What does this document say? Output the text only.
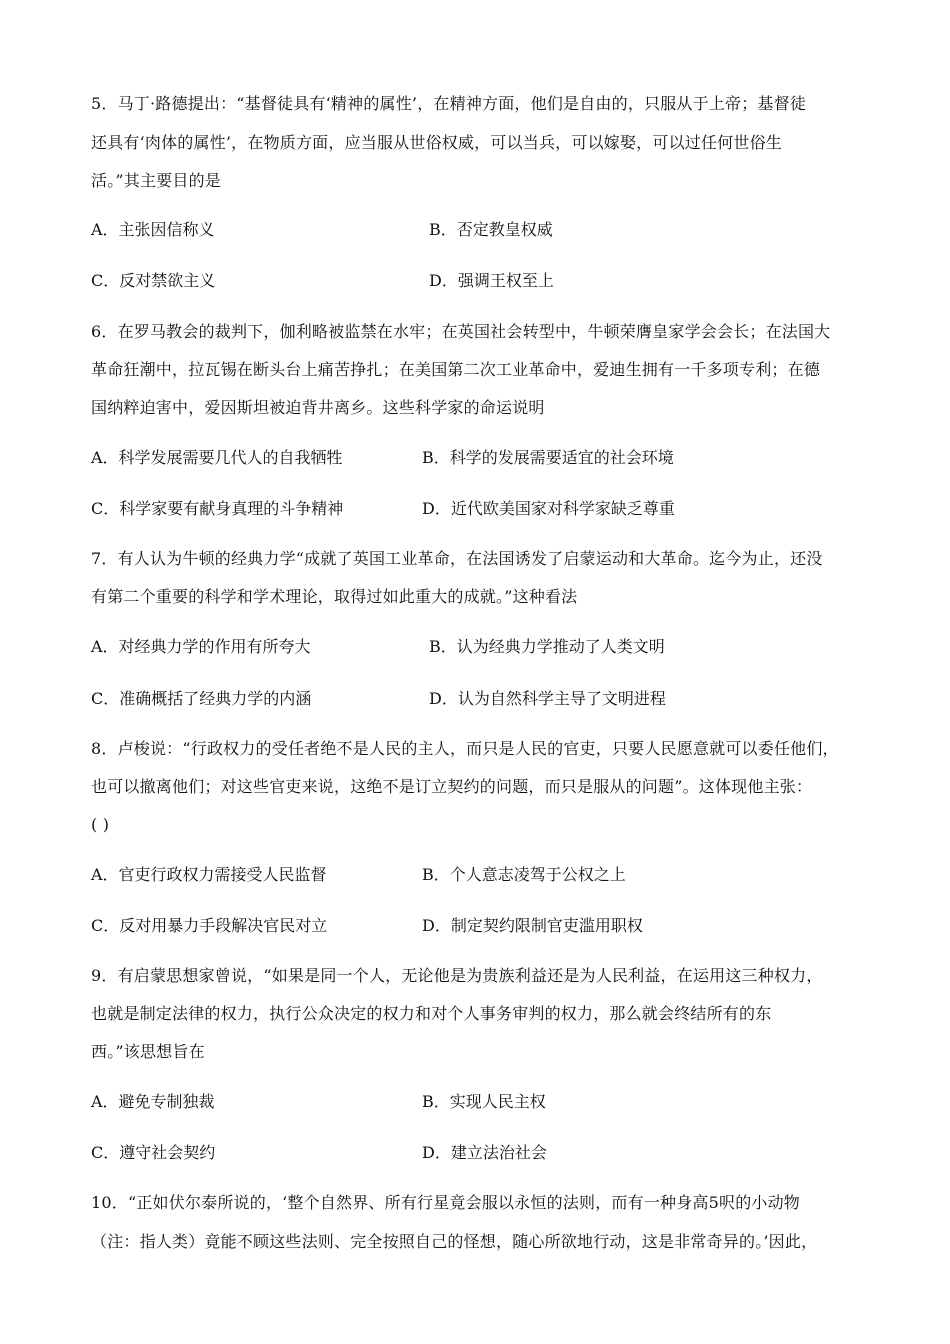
5．马丁·路德提出：“基督徒具有‘精神的属性’，在精神方面，他们是自由的，只服从于上帝；基督徒
还具有‘肉体的属性’，在物质方面，应当服从世俗权威，可以当兵，可以嫁娶，可以过任何世俗生
活。”其主要目的是
A．主张因信称义	B．否定教皇权威
C．反对禁欲主义	D．强调王权至上
6．在罗马教会的裁判下，伽利略被监禁在水牢；在英国社会转型中，牛顿荣膺皇家学会会长；在法国大
革命狂潮中，拉瓦锡在断头台上痛苦挣扎；在美国第二次工业革命中，爱迪生拥有一千多项专利；在德
国纳粹迫害中，爱因斯坦被迫背井离乡。这些科学家的命运说明
A．科学发展需要几代人的自我牺牲	B．科学的发展需要适宜的社会环境
C．科学家要有献身真理的斗争精神	D．近代欧美国家对科学家缺乏尊重
7．有人认为牛顿的经典力学“成就了英国工业革命，在法国诱发了启蒙运动和大革命。迄今为止，还没
有第二个重要的科学和学术理论，取得过如此重大的成就。”这种看法
A．对经典力学的作用有所夸大	B．认为经典力学推动了人类文明
C．准确概括了经典力学的内涵	D．认为自然科学主导了文明进程
8．卢梭说：“行政权力的受任者绝不是人民的主人，而只是人民的官吏，只要人民愿意就可以委任他们，
也可以撤离他们；对这些官吏来说，这绝不是订立契约的问题，而只是服从的问题”。这体现他主张：
( )
A．官吏行政权力需接受人民监督	B．个人意志凌驾于公权之上
C．反对用暴力手段解决官民对立	D．制定契约限制官吏滥用职权
9．有启蒙思想家曾说，“如果是同一个人，无论他是为贵族利益还是为人民利益，在运用这三种权力，
也就是制定法律的权力，执行公众决定的权力和对个人事务审判的权力，那么就会终结所有的东
西。”该思想旨在
A．避免专制独裁	B．实现人民主权
C．遵守社会契约	D．建立法治社会
10．“正如伏尔泰所说的，‘整个自然界、所有行星竟会服以永恒的法则，而有一种身高5呎的小动物
（注：指人类）竟能不顾这些法则、完全按照自己的怪想，随心所欲地行动，这是非常奇异的。’因此，
